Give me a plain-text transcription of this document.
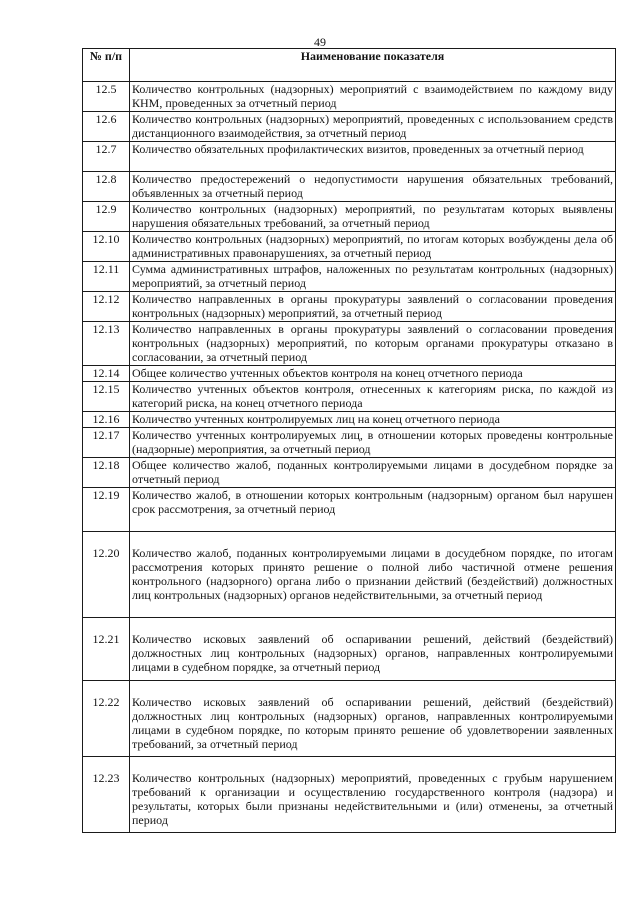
49
№ п/п	Наименование показателя
12.5	Количество контрольных (надзорных) мероприятий с взаимодействием по каждому виду КНМ, проведенных за отчетный период
12.6	Количество контрольных (надзорных) мероприятий, проведенных с использованием средств дистанционного взаимодействия, за отчетный период
12.7	Количество обязательных профилактических визитов, проведенных за отчетный период
12.8	Количество предостережений о недопустимости нарушения обязательных требований, объявленных за отчетный период
12.9	Количество контрольных (надзорных) мероприятий, по результатам которых выявлены нарушения обязательных требований, за отчетный период
12.10	Количество контрольных (надзорных) мероприятий, по итогам которых возбуждены дела об административных правонарушениях, за отчетный период
12.11	Сумма административных штрафов, наложенных по результатам контрольных (надзорных) мероприятий, за отчетный период
12.12	Количество направленных в органы прокуратуры заявлений о согласовании проведения контрольных (надзорных) мероприятий, за отчетный период
12.13	Количество направленных в органы прокуратуры заявлений о согласовании проведения контрольных (надзорных) мероприятий, по которым органами прокуратуры отказано в согласовании, за отчетный период
12.14	Общее количество учтенных объектов контроля на конец отчетного периода
12.15	Количество учтенных объектов контроля, отнесенных к категориям риска, по каждой из категорий риска, на конец отчетного периода
12.16	Количество учтенных контролируемых лиц на конец отчетного периода
12.17	Количество учтенных контролируемых лиц, в отношении которых проведены контрольные (надзорные) мероприятия, за отчетный период
12.18	Общее количество жалоб, поданных контролируемыми лицами в досудебном порядке за отчетный период
12.19	Количество жалоб, в отношении которых контрольным (надзорным) органом был нарушен срок рассмотрения, за отчетный период
12.20	Количество жалоб, поданных контролируемыми лицами в досудебном порядке, по итогам рассмотрения которых принято решение о полной либо частичной отмене решения контрольного (надзорного) органа либо о признании действий (бездействий) должностных лиц контрольных (надзорных) органов недействительными, за отчетный период
12.21	Количество исковых заявлений об оспаривании решений, действий (бездействий) должностных лиц контрольных (надзорных) органов, направленных контролируемыми лицами в судебном порядке, за отчетный период
12.22	Количество исковых заявлений об оспаривании решений, действий (бездействий) должностных лиц контрольных (надзорных) органов, направленных контролируемыми лицами в судебном порядке, по которым принято решение об удовлетворении заявленных требований, за отчетный период
12.23	Количество контрольных (надзорных) мероприятий, проведенных с грубым нарушением требований к организации и осуществлению государственного контроля (надзора) и результаты, которых были признаны недействительными и (или) отменены, за отчетный период
